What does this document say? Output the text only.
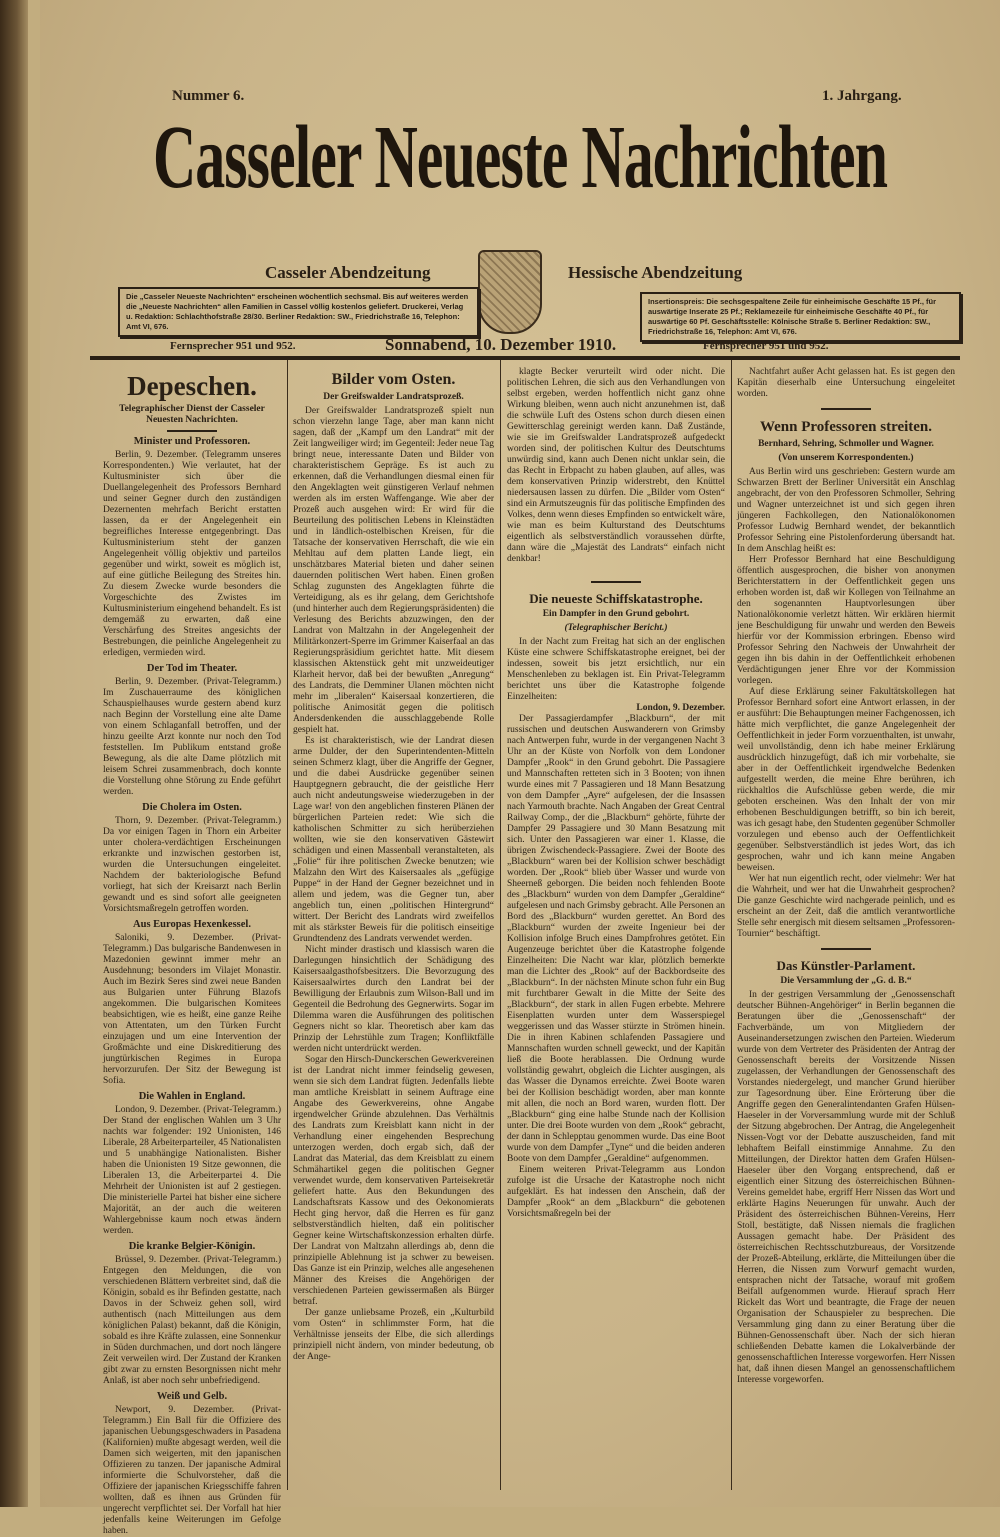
Nummer 6.	1. Jahrgang.
Casseler Neueste Nachrichten
Casseler Abendzeitung	Hessische Abendzeitung
Die „Casseler Neueste Nachrichten“ erscheinen wöchentlich sechsmal. Bis auf weiteres werden die „Neueste Nachrichten“ allen Familien in Cassel völlig kostenlos geliefert. Druckerei, Verlag u. Redaktion: Schlachthofstraße 28/30. Berliner Redaktion: SW., Friedrichstraße 16, Telephon: Amt VI, 676.
Insertionspreis: Die sechsgespaltene Zeile für einheimische Geschäfte 15 Pf., für auswärtige Inserate 25 Pf.; Reklamezeile für einheimische Geschäfte 40 Pf., für auswärtige 60 Pf. Geschäftsstelle: Kölnische Straße 5. Berliner Redaktion: SW., Friedrichstraße 16, Telephon: Amt VI, 676.
Fernsprecher 951 und 952.	Sonnabend, 10. Dezember 1910.	Fernsprecher 951 und 952.
Depeschen.
Telegraphischer Dienst der Casseler Neuesten Nachrichten.
Minister und Professoren.

Berlin, 9. Dezember. (Telegramm unseres Korrespondenten.) Wie verlautet, hat der Kultusminister sich über die Duellangelegenheit des Professors Bernhard und seiner Gegner durch den zuständigen Dezernenten mehrfach Bericht erstatten lassen, da er der Angelegenheit ein begreifliches Interesse entgegenbringt. Das Kultusministerium steht der ganzen Angelegenheit völlig objektiv und parteilos gegenüber und wirkt, soweit es möglich ist, auf eine gütliche Beilegung des Streites hin. Zu diesem Zwecke wurde besonders die Vorgeschichte des Zwistes im Kultusministerium eingehend behandelt. Es ist demgemäß zu erwarten, daß eine Verschärfung des Streites angesichts der Bestrebungen, die peinliche Angelegenheit zu erledigen, vermieden wird.

Der Tod im Theater.

Berlin, 9. Dezember. (Privat-Telegramm.) Im Zuschauerraume des königlichen Schauspielhauses wurde gestern abend kurz nach Beginn der Vorstellung eine alte Dame von einem Schlaganfall betroffen, und der hinzu geeilte Arzt konnte nur noch den Tod feststellen. Im Publikum entstand große Bewegung, als die alte Dame plötzlich mit leisem Schrei zusammenbrach, doch konnte die Vorstellung ohne Störung zu Ende geführt werden.

Die Cholera im Osten.

Thorn, 9. Dezember. (Privat-Telegramm.) Da vor einigen Tagen in Thorn ein Arbeiter unter cholera-verdächtigen Erscheinungen erkrankte und inzwischen gestorben ist, wurden die Untersuchungen eingeleitet. Nachdem der bakteriologische Befund vorliegt, hat sich der Kreisarzt nach Berlin gewandt und es sind sofort alle geeigneten Vorsichtsmaßregeln getroffen worden.

Aus Europas Hexenkessel.

Saloniki, 9. Dezember. (Privat-Telegramm.) Das bulgarische Bandenwesen in Mazedonien gewinnt immer mehr an Ausdehnung; besonders im Vilajet Monastir. Auch im Bezirk Seres sind zwei neue Banden aus Bulgarien unter Führung Blazofs angekommen. Die bulgarischen Komitees beabsichtigen, wie es heißt, eine ganze Reihe von Attentaten, um den Türken Furcht einzujagen und um eine Intervention der Großmächte und eine Diskreditierung des jungtürkischen Regimes in Europa hervorzurufen. Der Sitz der Bewegung ist Sofia.

Die Wahlen in England.

London, 9. Dezember. (Privat-Telegramm.) Der Stand der englischen Wahlen um 3 Uhr nachts war folgender: 192 Unionisten, 146 Liberale, 28 Arbeiterparteiler, 45 Nationalisten und 5 unabhängige Nationalisten. Bisher haben die Unionisten 19 Sitze gewonnen, die Liberalen 13, die Arbeiterpartei 4. Die Mehrheit der Unionisten ist auf 2 gestiegen. Die ministerielle Partei hat bisher eine sichere Majorität, an der auch die weiteren Wahlergebnisse kaum noch etwas ändern werden.

Die kranke Belgier-Königin.

Brüssel, 9. Dezember. (Privat-Telegramm.) Entgegen den Meldungen, die von verschiedenen Blättern verbreitet sind, daß die Königin, sobald es ihr Befinden gestatte, nach Davos in der Schweiz gehen soll, wird authentisch (nach Mitteilungen aus dem königlichen Palast) bekannt, daß die Königin, sobald es ihre Kräfte zulassen, eine Sonnenkur in Süden durchmachen, und dort noch längere Zeit verweilen wird. Der Zustand der Kranken gibt zwar zu ernsten Besorgnissen nicht mehr Anlaß, ist aber noch sehr unbefriedigend.

Weiß und Gelb.

Newport, 9. Dezember. (Privat-Telegramm.) Ein Ball für die Offiziere des japanischen Uebungsgeschwaders in Pasadena (Kalifornien) mußte abgesagt werden, weil die Damen sich weigerten, mit den japanischen Offizieren zu tanzen. Der japanische Admiral informierte die Schulvorsteher, daß die Offiziere der japanischen Kriegsschiffe fahren wollten, daß es ihnen aus Gründen für ungerecht verpflichtet sei. Der Vorfall hat hier jedenfalls keine Weiterungen im Gefolge haben.

Bilder vom Osten.
Der Greifswalder Landratsprozeß.

Der Greifswalder Landratsprozeß spielt nun schon vierzehn lange Tage, aber man kann nicht sagen, daß der „Kampf um den Landrat“ mit der Zeit langweiliger wird; im Gegenteil: Jeder neue Tag bringt neue, interessante Daten und Bilder von charakteristischem Gepräge. Es ist auch zu erkennen, daß die Verhandlungen diesmal einen für den Angeklagten weit günstigeren Verlauf nehmen werden als im ersten Waffengange. Wie aber der Prozeß auch ausgehen wird: Er wird für die Beurteilung des politischen Lebens in Kleinstädten und in ländlich-ostelbischen Kreisen, für die Tatsache der konservativen Herrschaft, die wie ein Mehltau auf dem platten Lande liegt, ein unschätzbares Material bieten und daher seinen dauernden politischen Wert haben. Einen großen Schlag zugunsten des Angeklagten führte die Verteidigung, als es ihr gelang, dem Gerichtshofe (und hinterher auch dem Regierungspräsidenten) die Verlesung des Berichts abzuzwingen, den der Landrat von Maltzahn in der Angelegenheit der Militärkonzert-Sperre im Grimmer Kaiserfaal an das Regierungspräsidium gerichtet hatte. Mit diesem klassischen Aktenstück geht mit unzweideutiger Klarheit hervor, daß bei der bewußten „Anregung“ des Landrats, die Demminer Ulanen möchten nicht mehr im „liberalen“ Kaisersaal konzertieren, die politische Animosität gegen die politisch Andersdenkenden die ausschlaggebende Rolle gespielt hat.

Es ist charakteristisch, wie der Landrat diesen arme Dulder, der den Superintendenten-Mitteln seinen Schmerz klagt, über die Angriffe der Gegner, und die dabei Ausdrücke gegenüber seinen Hauptgegnern gebraucht, die der geistliche Herr auch nicht andeutungsweise wiederzugeben in der Lage war! von den angeblichen finsteren Plänen der bürgerlichen Parteien redet: Wie sich die katholischen Schmitter zu sich herüberziehen wollten, wie sie den konservativen Gästewirt schädigen und einen Massenball veranstalteten, als „Folie“ für ihre politischen Zwecke benutzen; wie Malzahn den Wirt des Kaisersaales als „gefügige Puppe“ in der Hand der Gegner bezeichnet und in allem und jedem, was die Gegner tun, aber angeblich tun, einen „politischen Hintergrund“ wittert. Der Bericht des Landrats wird zweifellos mit als stärkster Beweis für die politisch einseitige Grundtendenz des Landrats verwendet werden.

Nicht minder drastisch und klassisch waren die Darlegungen hinsichtlich der Schädigung des Kaisersaalgasthofsbesitzers. Die Bevorzugung des Kaisersaalwirtes durch den Landrat bei der Bewilligung der Erlaubnis zum Wilson-Ball und im Gegenteil die Bedrohung des Gegnerwirts. Sogar im Dilemma waren die Ausführungen des politischen Gegners nicht so klar. Theoretisch aber kam das Prinzip der Lehrstühle zum Tragen; Konfliktfälle werden nicht unterdrückt werden.

Sogar den Hirsch-Dunckerschen Gewerkvereinen ist der Landrat nicht immer feindselig gewesen, wenn sie sich dem Landrat fügten. Jedenfalls liebte man amtliche Kreisblatt in seinem Auftrage eine Angabe des Gewerkvereins, ohne Angabe irgendwelcher Gründe abzulehnen. Das Verhältnis des Landrats zum Kreisblatt kann nicht in der Verhandlung einer eingehenden Besprechung unterzogen werden, doch ergab sich, daß der Landrat das Material, das dem Kreisblatt zu einem Schmähartikel gegen die politischen Gegner verwendet wurde, dem konservativen Parteisekretär geliefert hatte. Aus den Bekundungen des Landschaftsrats Kassow und des Oekonomierats Hecht ging hervor, daß die Herren es für ganz selbstverständlich hielten, daß ein politischer Gegner keine Wirtschaftskonzession erhalten dürfe. Der Landrat von Maltzahn allerdings ab, denn die prinzipielle Ablehnung ist ja schwer zu beweisen. Das Ganze ist ein Prinzip, welches alle angesehenen Männer des Kreises die Angehörigen der verschiedenen Parteien gewissermaßen als Bürger betraf.

Der ganze unliebsame Prozeß, ein „Kulturbild vom Osten“ in schlimmster Form, hat die Verhältnisse jenseits der Elbe, die sich allerdings prinzipiell nicht ändern, von minder bedeutung, ob der Ange-

klagte Becker verurteilt wird oder nicht. Die politischen Lehren, die sich aus den Verhandlungen von selbst ergeben, werden hoffentlich nicht ganz ohne Wirkung bleiben, wenn auch nicht anzunehmen ist, daß die schwüle Luft des Ostens schon durch diesen einen Gewitterschlag gereinigt werden kann. Daß Zustände, wie sie im Greifswalder Landratsprozeß aufgedeckt worden sind, der politischen Kultur des Deutschtums unwürdig sind, kann auch Denen nicht unklar sein, die das Recht in Erbpacht zu haben glauben, auf alles, was dem konservativen Prinzip widerstrebt, den Knüttel niedersausen lassen zu dürfen. Die „Bilder vom Osten“ sind ein Armutszeugnis für das politische Empfinden des Volkes, denn wenn dieses Empfinden so entwickelt wäre, wie man es beim Kulturstand des Deutschtums eigentlich als selbstverständlich voraussehen dürfte, dann wäre die „Majestät des Landrats“ einfach nicht denkbar!

Die neueste Schiffskatastrophe.
Ein Dampfer in den Grund gebohrt.
(Telegraphischer Bericht.)

In der Nacht zum Freitag hat sich an der englischen Küste eine schwere Schiffskatastrophe ereignet, bei der indessen, soweit bis jetzt ersichtlich, nur ein Menschenleben zu beklagen ist. Ein Privat-Telegramm berichtet uns über die Katastrophe folgende Einzelheiten:

London, 9. Dezember.

Der Passagierdampfer „Blackburn“, der mit russischen und deutschen Auswanderern von Grimsby nach Antwerpen fuhr, wurde in der vergangenen Nacht 3 Uhr an der Küste von Norfolk von dem Londoner Dampfer „Rook“ in den Grund gebohrt. Die Passagiere und Mannschaften retteten sich in 3 Booten; von ihnen wurde eines mit 7 Passagieren und 18 Mann Besatzung von dem Dampfer „Ayre“ aufgelesen, der die Insassen nach Yarmouth brachte. Nach Angaben der Great Central Railway Comp., der die „Blackburn“ gehörte, führte der Dampfer 29 Passagiere und 30 Mann Besatzung mit sich. Unter den Passagieren war einer 1. Klasse, die übrigen Zwischendeck-Passagiere. Zwei der Boote des „Blackburn“ waren bei der Kollision schwer beschädigt worden. Der „Rook“ blieb über Wasser und wurde von Sheerneß geborgen. Die beiden noch fehlenden Boote des „Blackburn“ wurden von dem Dampfer „Geraldine“ aufgelesen und nach Grimsby gebracht. Alle Personen an Bord des „Blackburn“ wurden gerettet. An Bord des „Blackburn“ wurden der zweite Ingenieur bei der Kollision infolge Bruch eines Dampfrohres getötet. Ein Augenzeuge berichtet über die Katastrophe folgende Einzelheiten: Die Nacht war klar, plötzlich bemerkte man die Lichter des „Rook“ auf der Backbordseite des „Blackburn“. In der nächsten Minute schon fuhr ein Bug mit furchtbarer Gewalt in die Mitte der Seite des „Blackburn“, der stark in allen Fugen erbebte. Mehrere Eisenplatten wurden unter dem Wasserspiegel weggerissen und das Wasser stürzte in Strömen hinein. Die in ihren Kabinen schlafenden Passagiere und Mannschaften wurden schnell geweckt, und der Kapitän ließ die Boote herablassen. Die Ordnung wurde vollständig gewahrt, obgleich die Lichter ausgingen, als das Wasser die Dynamos erreichte. Zwei Boote waren bei der Kollision beschädigt worden, aber man konnte mit allen, die noch an Bord waren, wurden flott. Der „Blackburn“ ging eine halbe Stunde nach der Kollision unter. Die drei Boote wurden von dem „Rook“ gebracht, der dann in Schlepptau genommen wurde. Das eine Boot wurde von dem Dampfer „Tyne“ und die beiden anderen Boote von dem Dampfer „Geraldine“ aufgenommen.

Einem weiteren Privat-Telegramm aus London zufolge ist die Ursache der Katastrophe noch nicht aufgeklärt. Es hat indessen den Anschein, daß der Dampfer „Rook“ an dem „Blackburn“ die gebotenen Vorsichtsmaßregeln bei der

Nachtfahrt außer Acht gelassen hat. Es ist gegen den Kapitän dieserhalb eine Untersuchung eingeleitet worden.

Wenn Professoren streiten.
Bernhard, Sehring, Schmoller und Wagner.
(Von unserem Korrespondenten.)

Aus Berlin wird uns geschrieben: Gestern wurde am Schwarzen Brett der Berliner Universität ein Anschlag angebracht, der von den Professoren Schmoller, Sehring und Wagner unterzeichnet ist und sich gegen ihren jüngeren Fachkollegen, den Nationalökonomen Professor Ludwig Bernhard wendet, der bekanntlich Professor Sehring eine Pistolenforderung übersandt hat. In dem Anschlag heißt es:

Herr Professor Bernhard hat eine Beschuldigung öffentlich ausgesprochen, die bisher von anonymen Berichterstattern in der Oeffentlichkeit gegen uns erhoben worden ist, daß wir Kollegen von Teilnahme an den sogenannten Hauptvorlesungen über Nationalökonomie verletzt hätten. Wir erklären hiermit jene Beschuldigung für unwahr und werden den Beweis hierfür vor der Kommission erbringen. Ebenso wird Professor Sehring den Nachweis der Unwahrheit der gegen ihn bis dahin in der Oeffentlichkeit erhobenen Verdächtigungen jener Ehre vor der Kommission vorlegen.

Auf diese Erklärung seiner Fakultätskollegen hat Professor Bernhard sofort eine Antwort erlassen, in der er ausführt: Die Behauptungen meiner Fachgenossen, ich hätte mich verpflichtet, die ganze Angelegenheit der Oeffentlichkeit in jeder Form vorzuenthalten, ist unwahr, weil unvollständig, denn ich habe meiner Erklärung ausdrücklich hinzugefügt, daß ich mir vorbehalte, sie aber in der Oeffentlichkeit irgendwelche Bedenken aufgestellt werden, die meine Ehre berühren, ich rückhaltlos die Aufschlüsse geben werde, die mir geboten erscheinen. Was den Inhalt der von mir erhobenen Beschuldigungen betrifft, so bin ich bereit, was ich gesagt habe, den Studenten gegenüber Schmoller vorzulegen und ebenso auch der Oeffentlichkeit gegenüber. Selbstverständlich ist jedes Wort, das ich gesprochen, wahr und ich kann meine Angaben beweisen.

Wer hat nun eigentlich recht, oder vielmehr: Wer hat die Wahrheit, und wer hat die Unwahrheit gesprochen? Die ganze Geschichte wird nachgerade peinlich, und es erscheint an der Zeit, daß die amtlich verantwortliche Stelle sehr energisch mit diesem seltsamen „Professoren-Tournier“ beschäftigt.

Das Künstler-Parlament.
Die Versammlung der „G. d. B.“

In der gestrigen Versammlung der „Genossenschaft deutscher Bühnen-Angehöriger“ in Berlin begannen die Beratungen über die „Genossenschaft“ der Fachverbände, um von Mitgliedern der Auseinandersetzungen zwischen den Parteien. Wiederum wurde von dem Vertreter des Präsidenten der Antrag der Genossenschaft bereits der Vorsitzende Nissen zugelassen, der Verhandlungen der Genossenschaft des Vorstandes niedergelegt, und mancher Grund hierüber zur Tagesordnung über. Eine Erörterung über die Angriffe gegen den Generalintendanten Grafen Hülsen-Haeseler in der Vorversammlung wurde mit der Schluß der Sitzung abgebrochen. Der Antrag, die Angelegenheit Nissen-Vogt vor der Debatte auszuscheiden, fand mit lebhaftem Beifall einstimmige Annahme. Zu den Mitteilungen, der Direktor hatten dem Grafen Hülsen-Haeseler über den Vorgang entsprechend, daß er eigentlich einer Sitzung des österreichischen Bühnen-Vereins gemeldet habe, ergriff Herr Nissen das Wort und erklärte Hagins Neuerungen für unwahr. Auch der Präsident des österreichischen Bühnen-Vereins, Herr Stoll, bestätigte, daß Nissen niemals die fraglichen Aussagen gemacht habe. Der Präsident des österreichischen Rechtsschutzbureaus, der Vorsitzende der Prozeß-Abteilung, erklärte, die Mitteilungen über die Herren, die Nissen zum Vorwurf gemacht wurden, entsprachen nicht der Tatsache, worauf mit großem Beifall aufgenommen wurde. Hierauf sprach Herr Rickelt das Wort und beantragte, die Frage der neuen Organisation der Schauspieler zu besprechen. Die Versammlung ging dann zu einer Beratung über die Bühnen-Genossenschaft über. Nach der sich hieran schließenden Debatte kamen die Lokalverbände der genossenschaftlichen Interesse vorgeworfen. Herr Nissen hat, daß ihnen diesen Mangel an genossenschaftlichem Interesse vorgeworfen.
